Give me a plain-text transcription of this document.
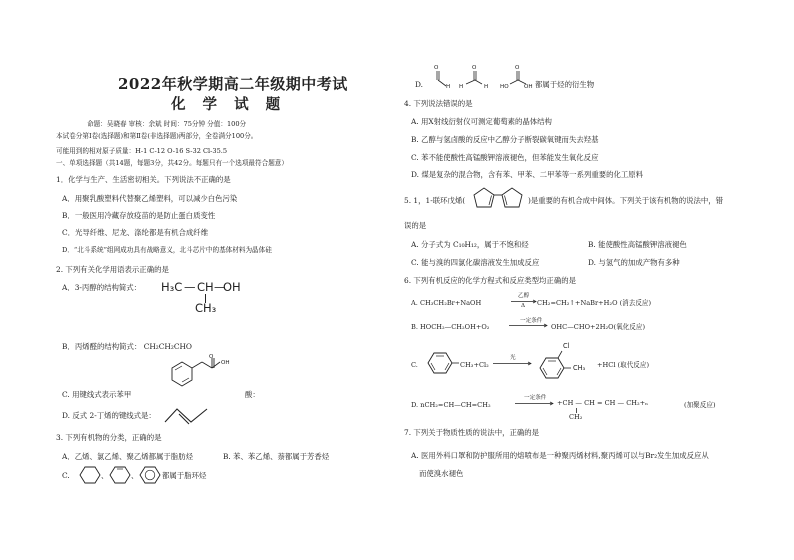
2022年秋学期高二年级期中考试
化 学 试 题
命题：吴晓春 审核：余斌 时间：75分钟 分值：100分
本试卷分第Ⅰ卷(选择题)和第Ⅱ卷(非选择题)两部分，全卷满分100分。
可能用到的相对原子质量：H-1 C-12 O-16 S-32 Cl-35.5
一、单项选择题（共14题，每题3分，共42分。每题只有一个选项最符合题意）
1．化学与生产、生活密切相关。下列说法不正确的是
A．用聚乳酸塑料代替聚乙烯塑料，可以减少白色污染
B．一般医用冷藏存放疫苗的是防止蛋白质变性
C．光导纤维、尼龙、涤纶都是有机合成纤维
D．“北斗系统”组网成功具有战略意义，北斗芯片中的基体材料为晶体硅
2. 下列有关化学用语表示正确的是
A．3-丙醇的结构简式： H₃C — CH —
OH
CH₃
B．丙烯醛的结构简式： CH₂CH₂CHO
O
OH
C. 用键线式表示苯甲	酸：
D. 反式 2-丁烯的键线式是：
3. 下列有机物的分类，正确的是
A．乙烯、氯乙烯、聚乙烯都属于脂肪烃	B. 苯、苯乙烯、萘都属于芳香烃
C.	、	、	都属于脂环烃
D.
O
H
O
H	H
O
HO	OH 都属于烃的衍生物
4. 下列说法错误的是
A. 用X射线衍射仪可测定葡萄素的晶体结构
B. 乙醇与氢卤酸的反应中乙醇分子断裂碳氧键而失去羟基
C. 苯不能使酸性高锰酸钾溶液褪色，但苯能发生氧化反应
D. 煤是复杂的混合物，含有苯、甲苯、二甲苯等一系列重要的化工原料
5. 1，1-联环戊烯(	)是重要的有机合成中间体。下列关于该有机物的说法中，错
误的是
A. 分子式为 C₁₀H₁₂，属于不饱和烃	B. 能使酸性高锰酸钾溶液褪色
C. 能与溴的四氯化碳溶液发生加成反应	D. 与氢气的加成产物有多种
6. 下列有机反应的化学方程式和反应类型均正确的是
A. CH₃CH₂Br+NaOH
乙醇
Δ CH₂=CH₂↑+NaBr+H₂O (消去反应)
B. HOCH₂—CH₂OH+O₂
一定条件
OHC—CHO+2H₂O(氧化反应)
C.	CH₃+Cl₂
光
Cl
CH₃ +HCl (取代反应)
D. nCH₂=CH—CH=CH₂
一定条件
+CH — CH = CH — CH₂+ₙ
CH₂
(加聚反应)
7. 下列关于物质性质的说法中，正确的是
A. 医用外科口罩和防护服所用的熔喷布是一种聚丙烯材料,聚丙烯可以与Br₂发生加成反应从
而使溴水褪色
